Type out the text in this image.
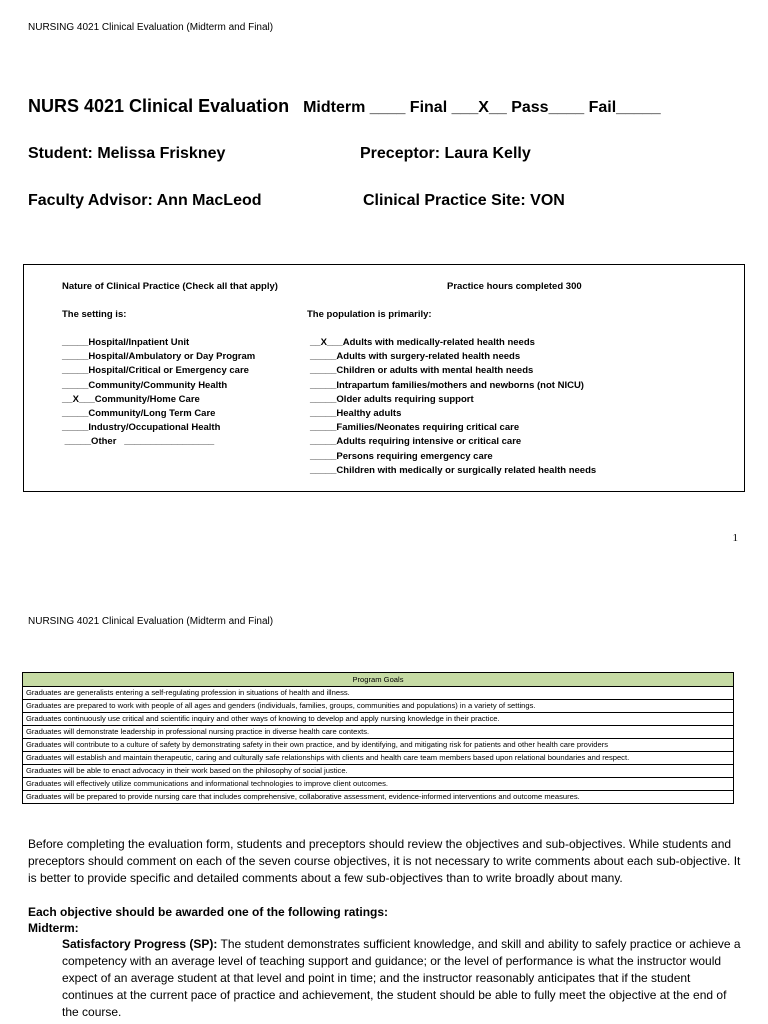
NURSING 4021 Clinical Evaluation (Midterm and Final)
NURS 4021 Clinical Evaluation Midterm ____ Final ___X__ Pass____ Fail_____
Student: Melissa Friskney	Preceptor: Laura Kelly
Faculty Advisor: Ann MacLeod	Clinical Practice Site: VON
Nature of Clinical Practice (Check all that apply)	Practice hours completed 300
The setting is:	The population is primarily:
_____Hospital/Inpatient Unit
_____Hospital/Ambulatory or Day Program
_____Hospital/Critical or Emergency care
_____Community/Community Health
__X___Community/Home Care
_____Community/Long Term Care
_____Industry/Occupational Health
_____Other   _________________
__X___Adults with medically-related health needs
_____Adults with surgery-related health needs
_____Children or adults with mental health needs
_____Intrapartum families/mothers and newborns (not NICU)
_____Older adults requiring support
_____Healthy adults
_____Families/Neonates requiring critical care
_____Adults requiring intensive or critical care
_____Persons requiring emergency care
_____Children with medically or surgically related health needs
1
NURSING 4021 Clinical Evaluation (Midterm and Final)
Program Goals
Graduates are generalists entering a self-regulating profession in situations of health and illness.
Graduates are prepared to work with people of all ages and genders (individuals, families, groups, communities and populations) in a variety of settings.
Graduates continuously use critical and scientific inquiry and other ways of knowing to develop and apply nursing knowledge in their practice.
Graduates will demonstrate leadership in professional nursing practice in diverse health care contexts.
Graduates will contribute to a culture of safety by demonstrating safety in their own practice, and by identifying, and mitigating risk for patients and other health care providers
Graduates will establish and maintain therapeutic, caring and culturally safe relationships with clients and health care team members based upon relational boundaries and respect.
Graduates will be able to enact advocacy in their work based on the philosophy of social justice.
Graduates will effectively utilize communications and informational technologies to improve client outcomes.
Graduates will be prepared to provide nursing care that includes comprehensive, collaborative assessment, evidence-informed interventions and outcome measures.
Before completing the evaluation form, students and preceptors should review the objectives and sub-objectives. While students and preceptors should comment on each of the seven course objectives, it is not necessary to write comments about each sub-objective. It is better to provide specific and detailed comments about a few sub-objectives than to write broadly about many.
Each objective should be awarded one of the following ratings:
Midterm:
Satisfactory Progress (SP): The student demonstrates sufficient knowledge, and skill and ability to safely practice or achieve a competency with an average level of teaching support and guidance; or the level of performance is what the instructor would expect of an average student at that level and point in time; and the instructor reasonably anticipates that if the student continues at the current pace of practice and achievement, the student should be able to fully meet the objective at the end of the course.
